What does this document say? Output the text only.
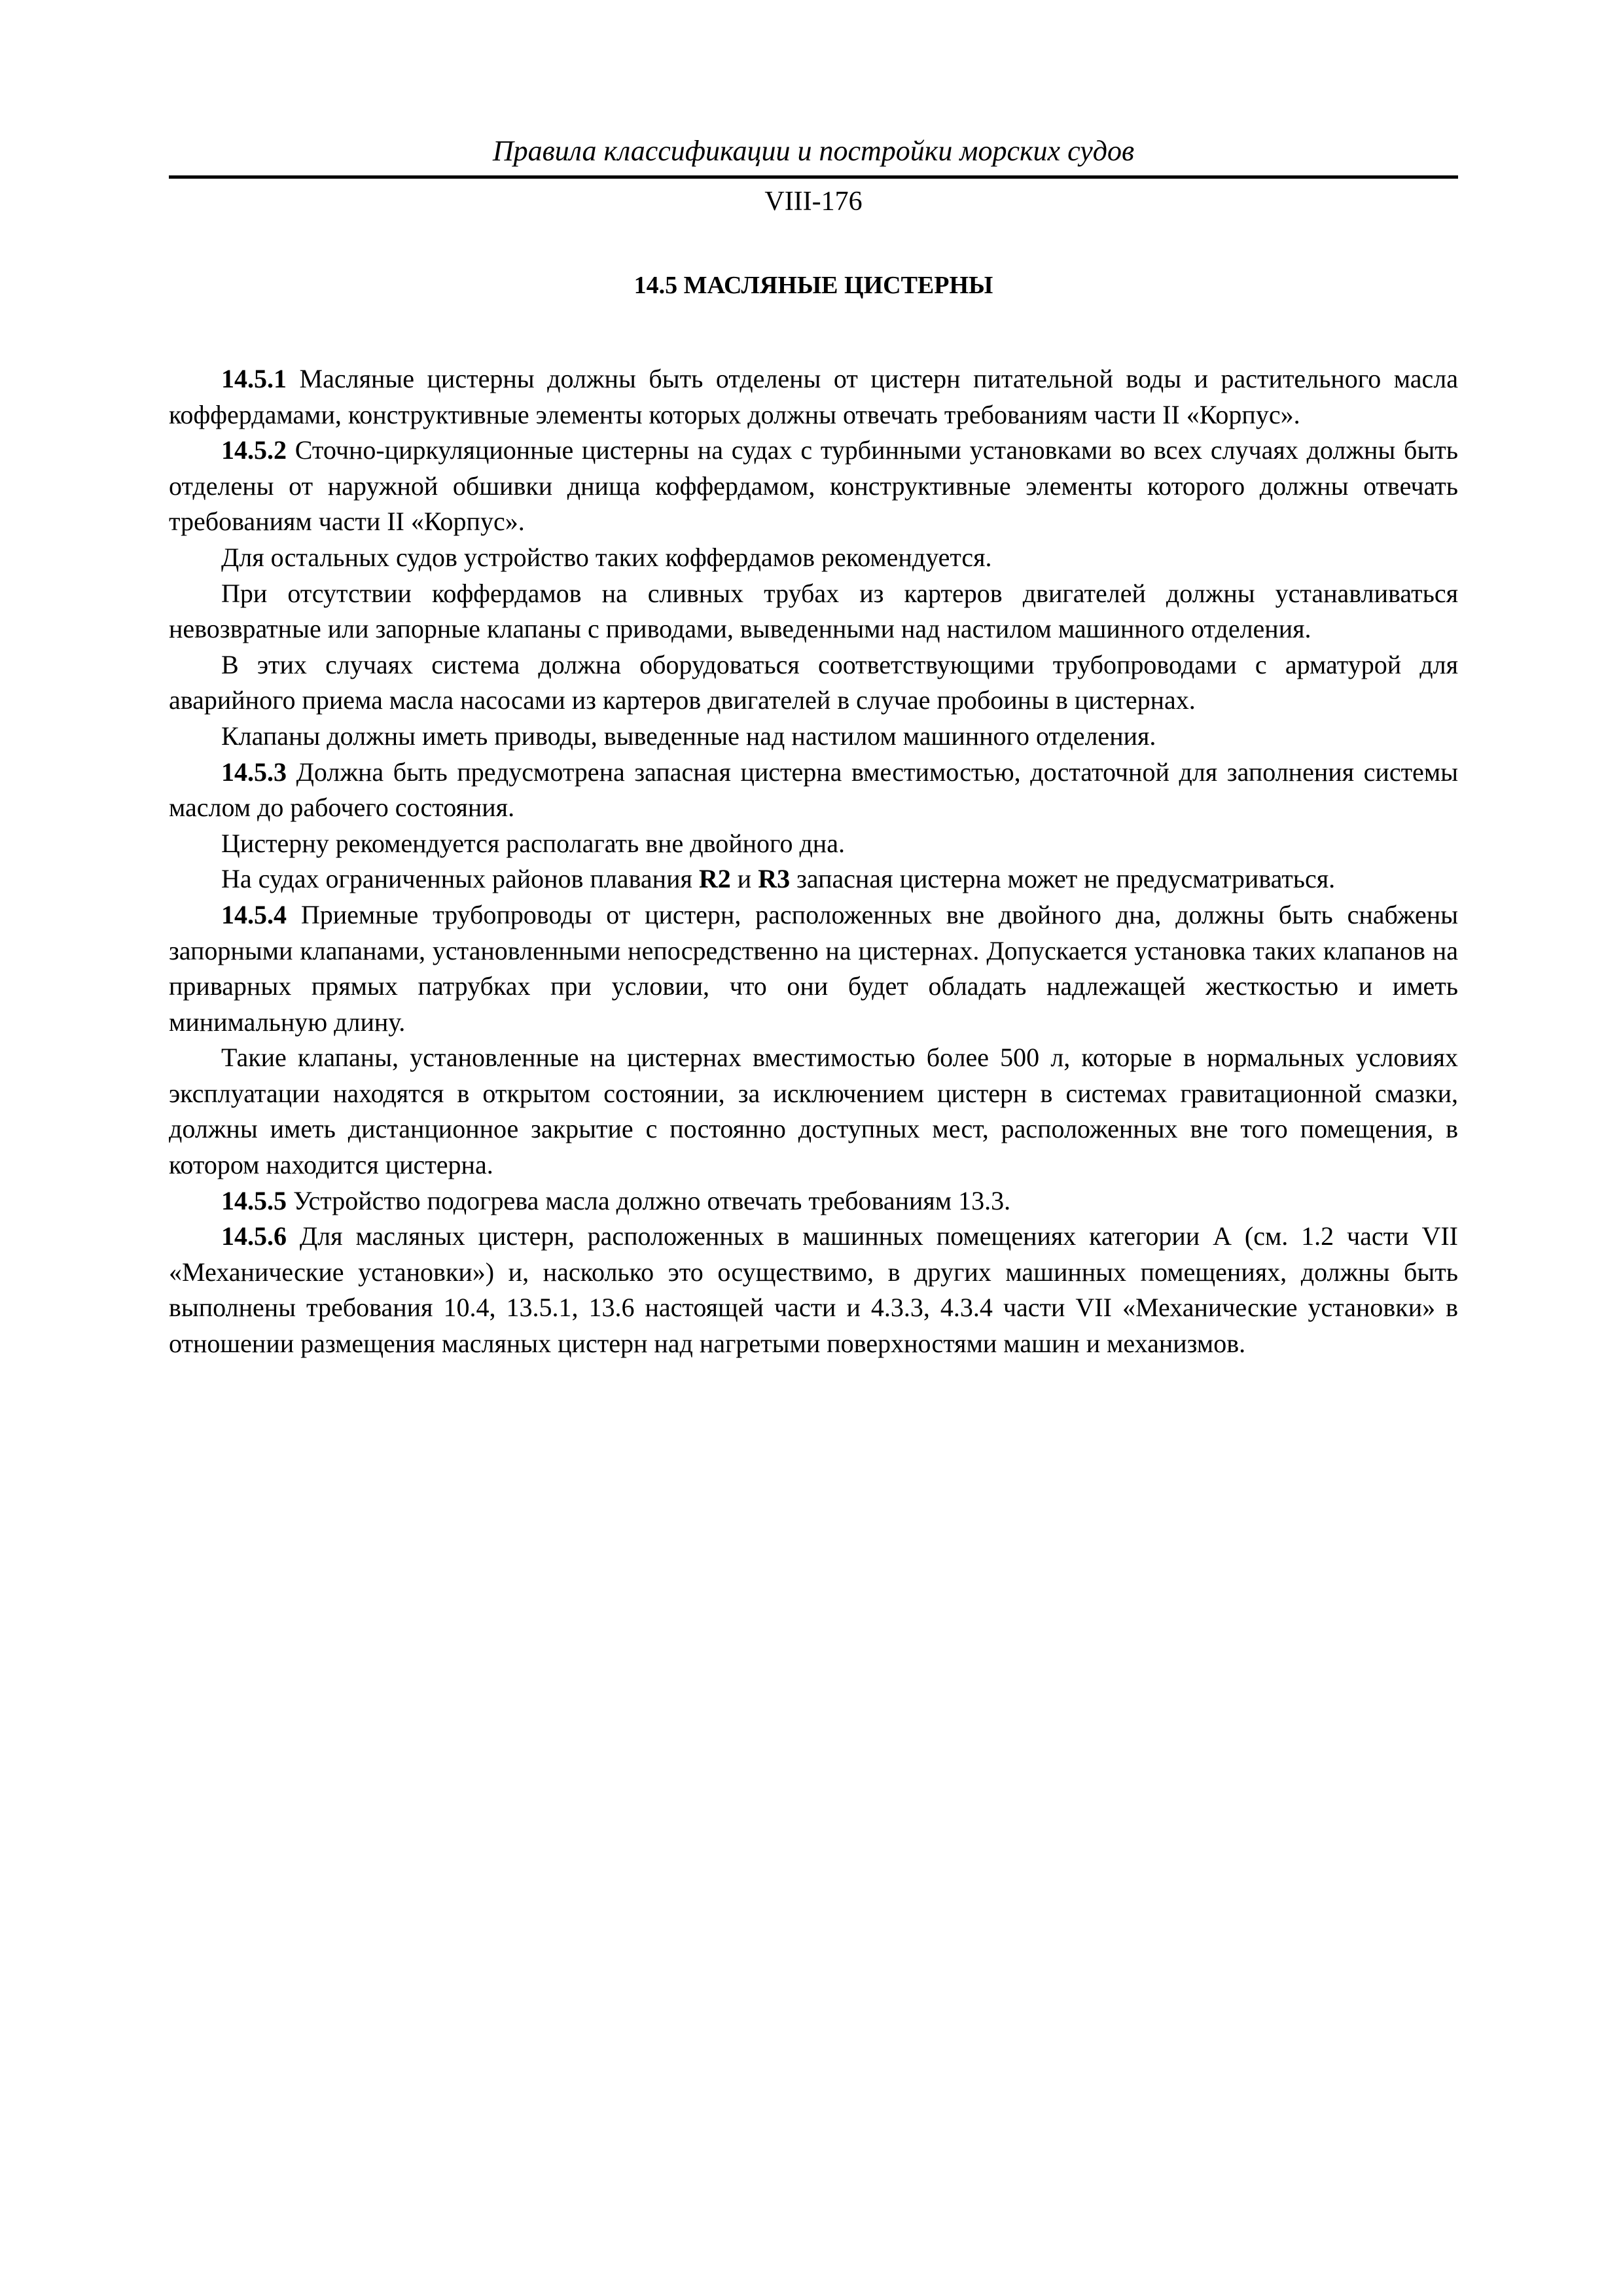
Правила классификации и постройки морских судов
VIII-176
14.5 МАСЛЯНЫЕ ЦИСТЕРНЫ

14.5.1 Масляные цистерны должны быть отделены от цистерн питательной воды и растительного масла коффердамами, конструктивные элементы которых должны отвечать требованиям части II «Корпус».

14.5.2 Сточно-циркуляционные цистерны на судах с турбинными установками во всех случаях должны быть отделены от наружной обшивки днища коффердамом, конструктивные элементы которого должны отвечать требованиям части II «Корпус».

Для остальных судов устройство таких коффердамов рекомендуется.

При отсутствии коффердамов на сливных трубах из картеров двигателей должны устанавливаться невозвратные или запорные клапаны с приводами, выведенными над настилом машинного отделения.

В этих случаях система должна оборудоваться соответствующими трубопроводами с арматурой для аварийного приема масла насосами из картеров двигателей в случае пробоины в цистернах.

Клапаны должны иметь приводы, выведенные над настилом машинного отделения.

14.5.3 Должна быть предусмотрена запасная цистерна вместимостью, достаточной для заполнения системы маслом до рабочего состояния.

Цистерну рекомендуется располагать вне двойного дна.

На судах ограниченных районов плавания R2 и R3 запасная цистерна может не предусматриваться.

14.5.4 Приемные трубопроводы от цистерн, расположенных вне двойного дна, должны быть снабжены запорными клапанами, установленными непосредственно на цистернах. Допускается установка таких клапанов на приварных прямых патрубках при условии, что они будет обладать надлежащей жесткостью и иметь минимальную длину.

Такие клапаны, установленные на цистернах вместимостью более 500 л, которые в нормальных условиях эксплуатации находятся в открытом состоянии, за исключением цистерн в системах гравитационной смазки, должны иметь дистанционное закрытие с постоянно доступных мест, расположенных вне того помещения, в котором находится цистерна.

14.5.5 Устройство подогрева масла должно отвечать требованиям 13.3.

14.5.6 Для масляных цистерн, расположенных в машинных помещениях категории А (см. 1.2 части VII «Механические установки») и, насколько это осуществимо, в других машинных помещениях, должны быть выполнены требования 10.4, 13.5.1, 13.6 настоящей части и 4.3.3, 4.3.4 части VII «Механические установки» в отношении размещения масляных цистерн над нагретыми поверхностями машин и механизмов.
